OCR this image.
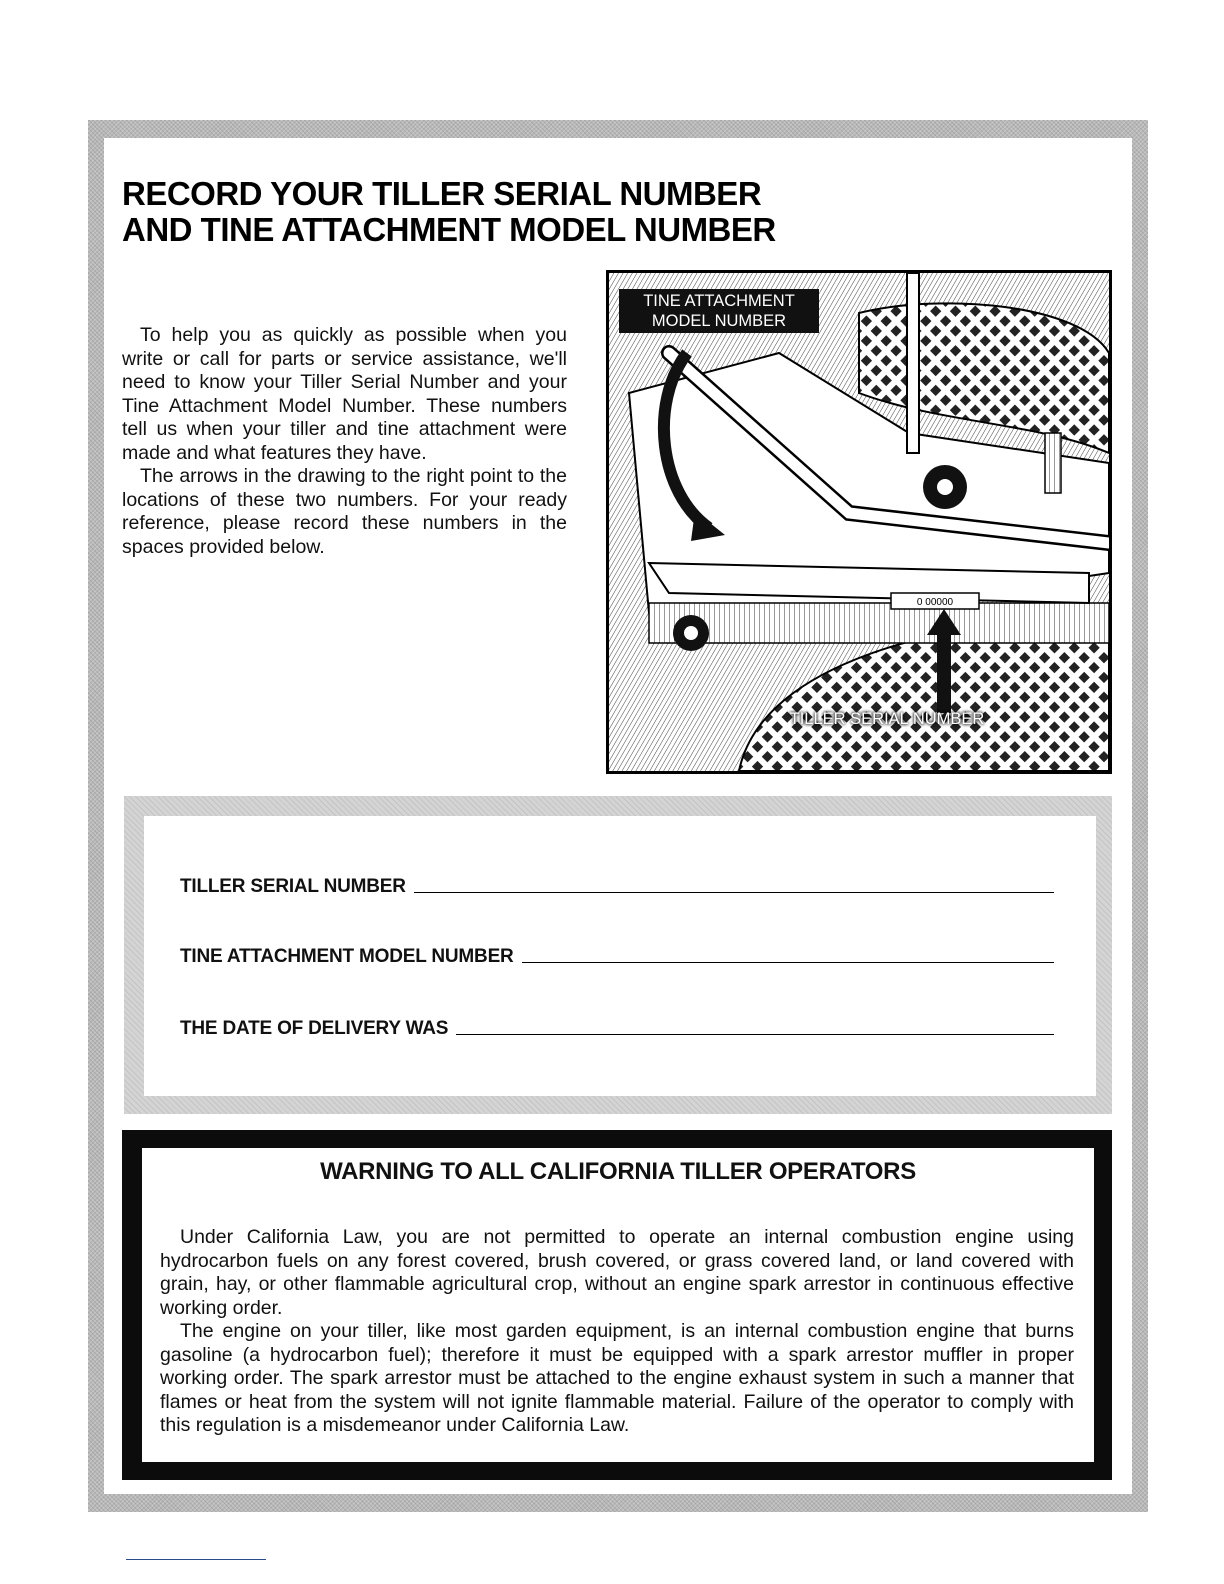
RECORD YOUR TILLER SERIAL NUMBER
AND TINE ATTACHMENT MODEL NUMBER

To help you as quickly as possible when you write or call for parts or service assistance, we'll need to know your Tiller Serial Number and your Tine Attachment Model Number. These numbers tell us when your tiller and tine attachment were made and what features they have.

The arrows in the drawing to the right point to the locations of these two numbers. For your ready reference, please record these numbers in the spaces provided below.

0 00000
TINE ATTACHMENT
MODEL NUMBER
TILLER SERIAL NUMBER
TILLER SERIAL NUMBER
TINE ATTACHMENT MODEL NUMBER
THE DATE OF DELIVERY WAS
WARNING TO ALL CALIFORNIA TILLER OPERATORS

Under California Law, you are not permitted to operate an internal combustion engine using hydrocarbon fuels on any forest covered, brush covered, or grass covered land, or land covered with grain, hay, or other flammable agricultural crop, without an engine spark arrestor in continuous effective working order.

The engine on your tiller, like most garden equipment, is an internal combustion engine that burns gasoline (a hydrocarbon fuel); therefore it must be equipped with a spark arrestor muffler in proper working order. The spark arrestor must be attached to the engine exhaust system in such a manner that flames or heat from the system will not ignite flammable material. Failure of the operator to comply with this regulation is a misdemeanor under California Law.
